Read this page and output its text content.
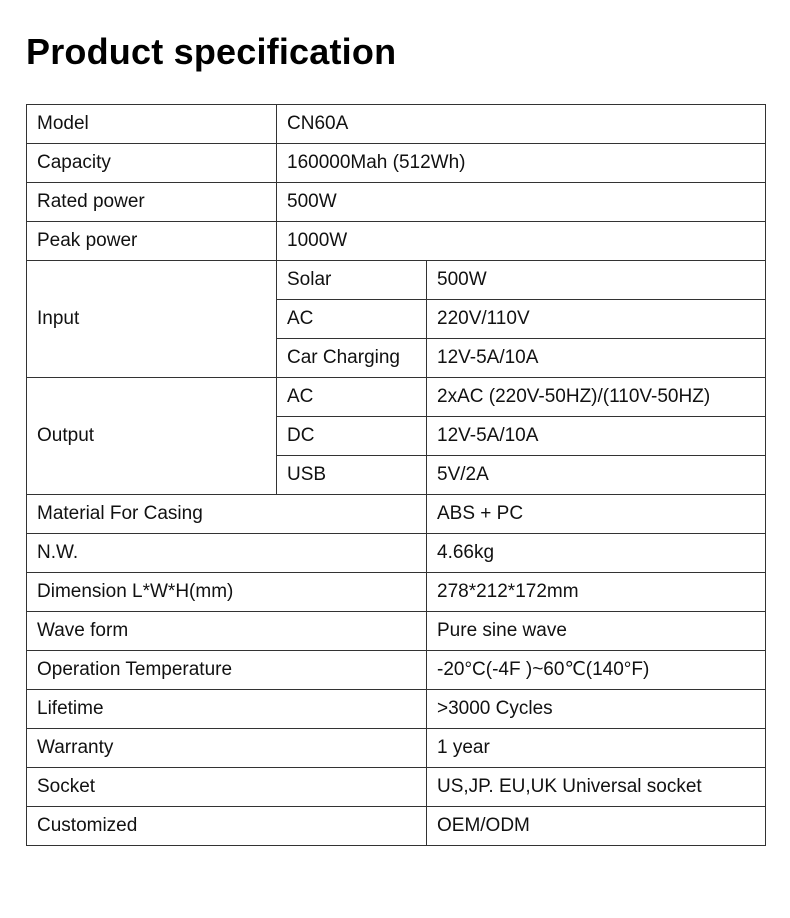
Product specification
Model	CN60A	
Capacity	160000Mah (512Wh)	
Rated power	500W	
Peak power	1000W	
Input	Solar	500W
	AC	220V/110V
	Car Charging	12V-5A/10A
Output	AC	2xAC (220V-50HZ)/(110V-50HZ)
	DC	12V-5A/10A
	USB	5V/2A
Material For Casing		ABS + PC
N.W.		4.66kg
Dimension L*W*H(mm)		278*212*172mm
Wave form		Pure sine wave
Operation Temperature		-20°C(-4F )~60℃(140°F)
Lifetime		>3000 Cycles
Warranty		1 year
Socket		US,JP. EU,UK Universal socket
Customized		OEM/ODM
